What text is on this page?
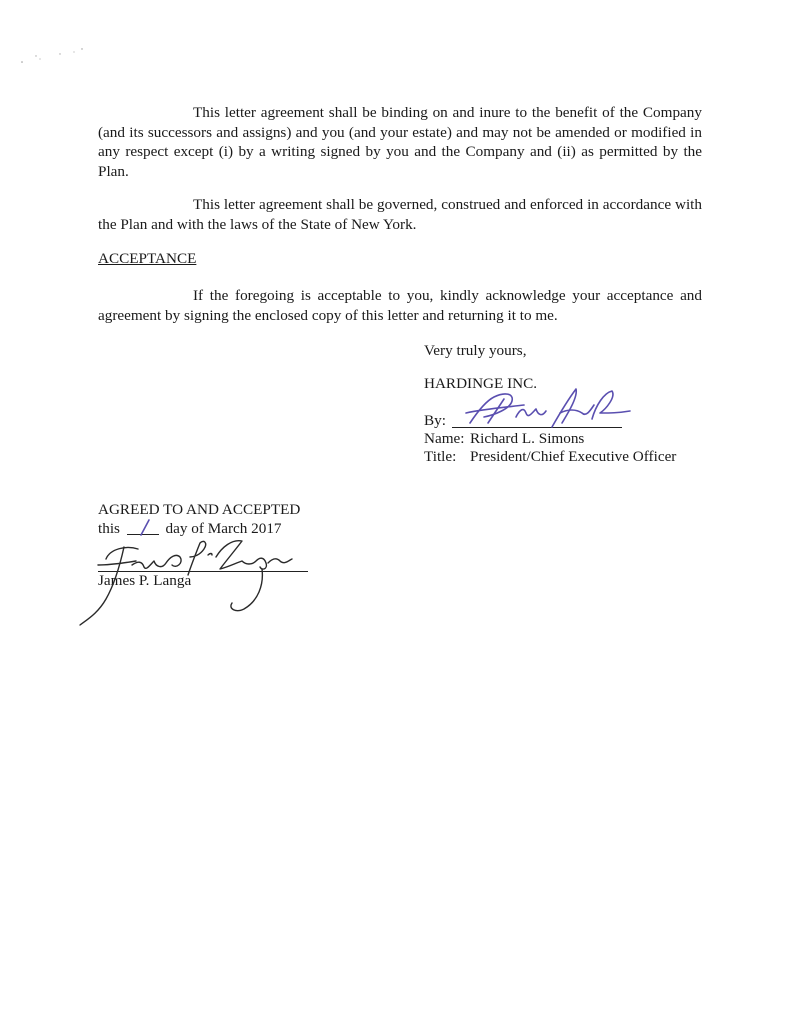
This letter agreement shall be binding on and inure to the benefit of the Company (and its successors and assigns) and you (and your estate) and may not be amended or modified in any respect except (i) by a writing signed by you and the Company and (ii) as permitted by the Plan.

This letter agreement shall be governed, construed and enforced in accordance with the Plan and with the laws of the State of New York.

ACCEPTANCE

If the foregoing is acceptable to you, kindly acknowledge your acceptance and agreement by signing the enclosed copy of this letter and returning it to me.

Very truly yours,

HARDINGE INC.

By:

Name: Richard L. Simons

Title: President/Chief Executive Officer

AGREED TO AND ACCEPTED

this	day of March 2017

James P. Langa
